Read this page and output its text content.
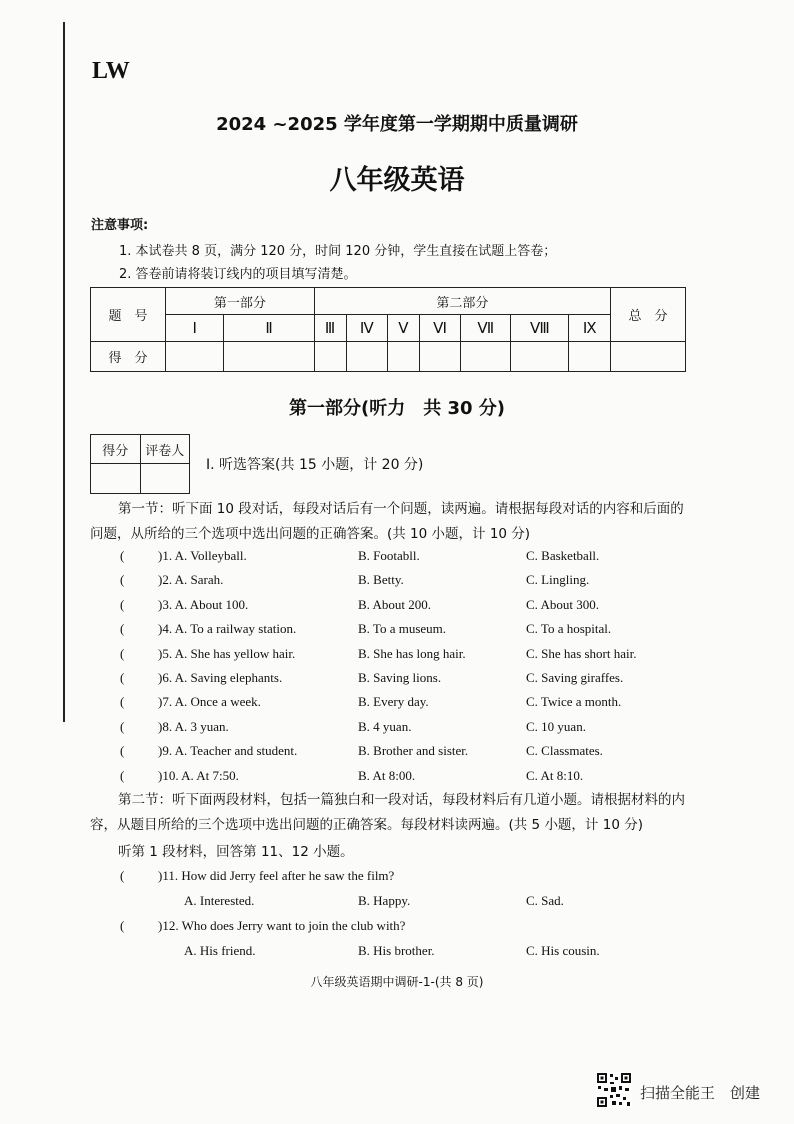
LW
2024 ~2025 学年度第一学期期中质量调研
八年级英语
注意事项:
1. 本试卷共 8 页，满分 120 分，时间 120 分钟，学生直接在试题上答卷；
2. 答卷前请将装订线内的项目填写清楚。
题　号	第一部分		第二部分							总　分
	Ⅰ	Ⅱ	Ⅲ	Ⅳ	Ⅴ	Ⅵ	Ⅶ	Ⅷ	Ⅸ	
得　分										
第一部分(听力　共 30 分)
得分	评卷人

Ⅰ. 听选答案(共 15 小题，计 20 分)
第一节：听下面 10 段对话，每段对话后有一个问题，读两遍。请根据每段对话的内容和后面的问题，从所给的三个选项中选出问题的正确答案。(共 10 小题，计 10 分)
(	)1. A. Volleyball.	B. Footabll.	C. Basketball.
(	)2. A. Sarah.	B. Betty.	C. Lingling.
(	)3. A. About 100.	B. About 200.	C. About 300.
(	)4. A. To a railway station.	B. To a museum.	C. To a hospital.
(	)5. A. She has yellow hair.	B. She has long hair.	C. She has short hair.
(	)6. A. Saving elephants.	B. Saving lions.	C. Saving giraffes.
(	)7. A. Once a week.	B. Every day.	C. Twice a month.
(	)8. A. 3 yuan.	B. 4 yuan.	C. 10 yuan.
(	)9. A. Teacher and student.	B. Brother and sister.	C. Classmates.
(	)10. A. At 7:50.	B. At 8:00.	C. At 8:10.
第二节：听下面两段材料，包括一篇独白和一段对话，每段材料后有几道小题。请根据材料的内容，从题目所给的三个选项中选出问题的正确答案。每段材料读两遍。(共 5 小题，计 10 分)
听第 1 段材料，回答第 11、12 小题。
(	)11. How did Jerry feel after he saw the film?
A. Interested.	B. Happy.	C. Sad.
(	)12. Who does Jerry want to join the club with?
A. His friend.	B. His brother.	C. His cousin.
八年级英语期中调研-1-(共 8 页)
扫描全能王　创建
